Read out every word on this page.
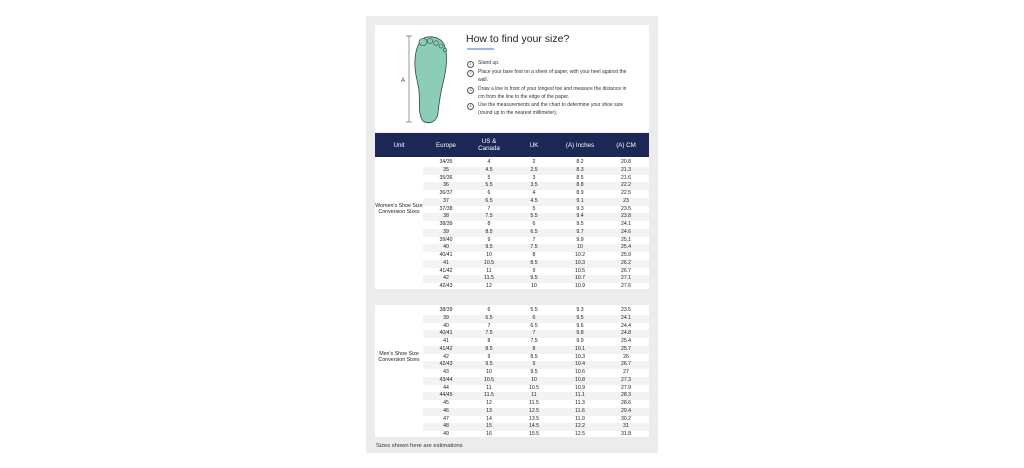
A
How to find your size?
1	Stand up.
2	Place your bare foot on a sheet of paper, with your heel against the wall.
3	Draw a line in front of your longest toe and measure the distance in cm from the line to the edge of the paper.
4	Use the measurements and the chart to determine your shoe size (round up to the nearest millimeter).
Unit	Europe	US & Canada	UK	(A) Inches	(A) CM
Women's Shoe Size Conversion Sizes
34/35	4	2	8.2	20.8
35	4.5	2.5	8.3	21.3
35/36	5	3	8.5	21.6
36	5.5	3.5	8.8	22.2
36/37	6	4	8.9	22.5
37	6.5	4.5	9.1	23
37/38	7	5	9.3	23.5
38	7.5	5.5	9.4	23.8
38/39	8	6	9.5	24.1
39	8.5	6.5	9.7	24.6
39/40	9	7	9.9	25.1
40	9.5	7.5	10	25.4
40/41	10	8	10.2	25.9
41	10.5	8.5	10.3	26.2
41/42	11	9	10.5	26.7
42	11.5	9.5	10.7	27.1
42/43	12	10	10.9	27.6
Men's Shoe Size Conversion Sizes
38/39	6	5.5	9.3	23.5
39	6.5	6	9.5	24.1
40	7	6.5	9.6	24.4
40/41	7.5	7	9.8	24.8
41	8	7.5	9.9	25.4
41/42	8.5	8	10.1	25.7
42	9	8.5	10.3	26
42/43	9.5	9	10.4	26.7
43	10	9.5	10.6	27
43/44	10.5	10	10.8	27.3
44	11	10.5	10.9	27.9
44/45	11.5	11	11.1	28.3
45	12	11.5	11.3	28.6
46	13	12.5	11.6	29.4
47	14	13.5	11.9	30.2
48	15	14.5	12.2	31
49	16	15.5	12.5	31.8
Sizes shown here are estimations
